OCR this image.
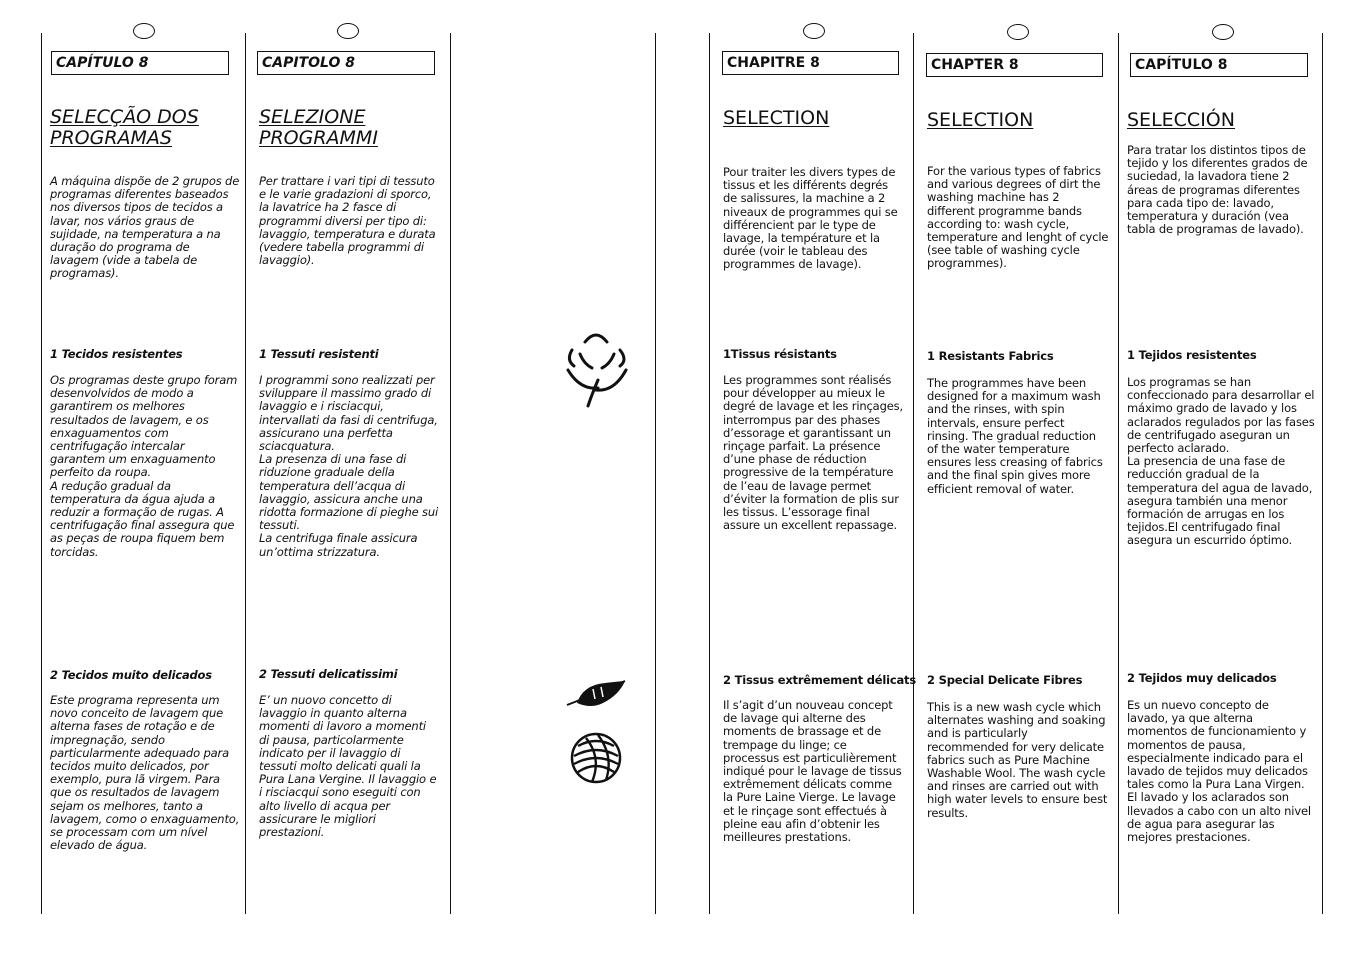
CAPÍTULO 8
SELECÇÃO DOS PROGRAMAS
A máquina dispõe de 2 grupos de programas diferentes baseados nos diversos tipos de tecidos a lavar, nos vários graus de sujidade, na temperatura a na duração do programa de lavagem (vide a tabela de programas).
1 Tecidos resistentes
Os programas deste grupo foram desenvolvidos de modo a garantirem os melhores resultados de lavagem, e os enxaguamentos com centrifugação intercalar garantem um enxaguamento perfeito da roupa.
A redução gradual da temperatura da água ajuda a reduzir a formação de rugas. A centrifugação final assegura que as peças de roupa fiquem bem torcidas.
2 Tecidos muito delicados
Este programa representa um novo conceito de lavagem que alterna fases de rotação e de impregnação, sendo particularmente adequado para tecidos muito delicados, por exemplo, pura lã virgem. Para que os resultados de lavagem sejam os melhores, tanto a lavagem, como o enxaguamento, se processam com um nível elevado de água.
CAPITOLO 8
SELEZIONE PROGRAMMI
Per trattare i vari tipi di tessuto e le varie gradazioni di sporco, la lavatrice ha 2 fasce di programmi diversi per tipo di: lavaggio, temperatura e durata (vedere tabella programmi di lavaggio).
1 Tessuti resistenti
I programmi sono realizzati per sviluppare il massimo grado di lavaggio e i risciacqui, intervallati da fasi di centrifuga, assicurano una perfetta sciacquatura.
La presenza di una fase di riduzione graduale della temperatura dell’acqua di lavaggio, assicura anche una ridotta formazione di pieghe sui tessuti.
La centrifuga finale assicura un’ottima strizzatura.
2 Tessuti delicatissimi
E’ un nuovo concetto di lavaggio in quanto alterna momenti di lavoro a momenti di pausa, particolarmente indicato per il lavaggio di tessuti molto delicati quali la Pura Lana Vergine. Il lavaggio e i risciacqui sono eseguiti con alto livello di acqua per assicurare le migliori prestazioni.
CHAPITRE 8
SELECTION
Pour traiter les divers types de tissus et les différents degrés de salissures, la machine a 2 niveaux de programmes qui se différencient par le type de lavage, la température et la durée (voir le tableau des programmes de lavage).
1Tissus résistants
Les programmes sont réalisés pour développer au mieux le degré de lavage et les rinçages, interrompus par des phases d’essorage et garantissant un rinçage parfait. La présence d’une phase de réduction progressive de la température de l’eau de lavage permet d’éviter la formation de plis sur les tissus. L’essorage final assure un excellent repassage.
2 Tissus extrêmement délicats
Il s’agit d’un nouveau concept de lavage qui alterne des moments de brassage et de trempage du linge; ce processus est particulièrement indiqué pour le lavage de tissus extrêmement délicats comme la Pure Laine Vierge. Le lavage et le rinçage sont effectués à pleine eau afin d’obtenir les meilleures prestations.
CHAPTER 8
SELECTION
For the various types of fabrics and various degrees of dirt the washing machine has 2 different programme bands according to: wash cycle, temperature and lenght of cycle (see table of washing cycle programmes).
1 Resistants Fabrics
The programmes have been designed for a maximum wash and the rinses, with spin intervals, ensure perfect rinsing. The gradual reduction of the water temperature ensures less creasing of fabrics and the final spin gives more efficient removal of water.
2 Special Delicate Fibres
This is a new wash cycle which alternates washing and soaking and is particularly recommended for very delicate fabrics such as Pure Machine Washable Wool. The wash cycle and rinses are carried out with high water levels to ensure best results.
CAPÍTULO 8
SELECCIÓN
Para tratar los distintos tipos de tejido y los diferentes grados de suciedad, la lavadora tiene 2 áreas de programas diferentes para cada tipo de: lavado, temperatura y duración (vea tabla de programas de lavado).
1 Tejidos resistentes
Los programas se han confeccionado para desarrollar el máximo grado de lavado y los aclarados regulados por las fases de centrifugado aseguran un perfecto aclarado.
La presencia de una fase de reducción gradual de la temperatura del agua de lavado, asegura también una menor formación de arrugas en los tejidos.El centrifugado final asegura un escurrido óptimo.
2 Tejidos muy delicados
Es un nuevo concepto de lavado, ya que alterna momentos de funcionamiento y momentos de pausa, especialmente indicado para el lavado de tejidos muy delicados tales como la Pura Lana Virgen.
El lavado y los aclarados son llevados a cabo con un alto nivel de agua para asegurar las mejores prestaciones.
